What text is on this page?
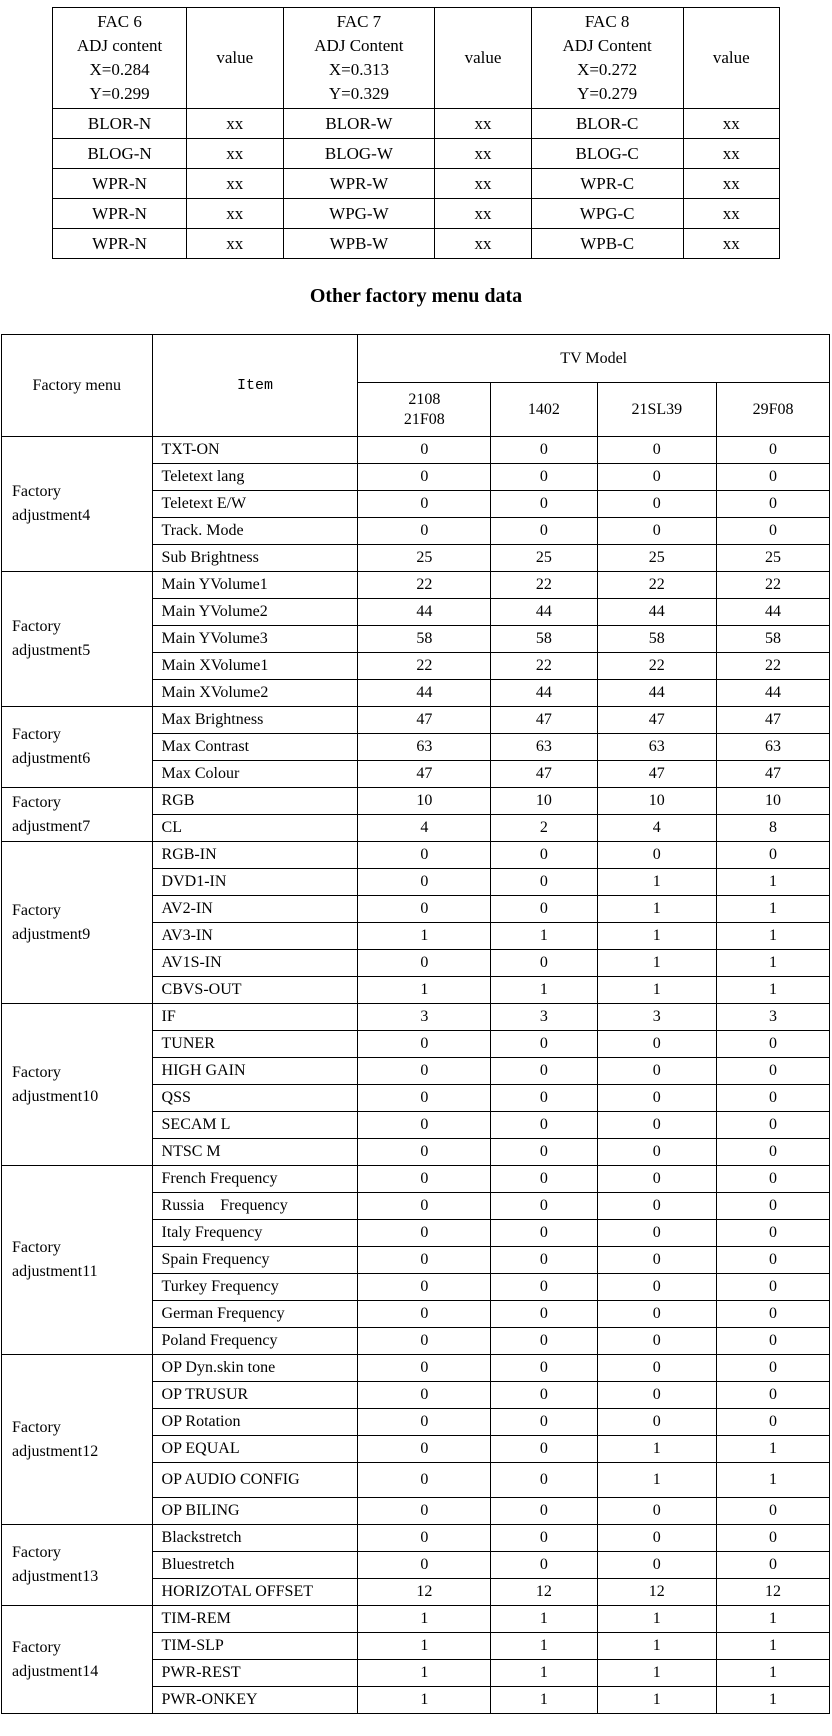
FAC 6
ADJ content
X=0.284
Y=0.299	value	FAC 7
ADJ Content
X=0.313
Y=0.329	value	FAC 8
ADJ Content
X=0.272
Y=0.279	value
BLOR-N	xx	BLOR-W	xx	BLOR-C	xx
BLOG-N	xx	BLOG-W	xx	BLOG-C	xx
WPR-N	xx	WPR-W	xx	WPR-C	xx
WPR-N	xx	WPG-W	xx	WPG-C	xx
WPR-N	xx	WPB-W	xx	WPB-C	xx
Other factory menu data
Factory menu	Item	TV Model			
		2108
21F08	1402	21SL39	29F08
Factory
adjustment4	TXT-ON	0	0	0	0
	Teletext lang	0	0	0	0
	Teletext E/W	0	0	0	0
	Track. Mode	0	0	0	0
	Sub Brightness	25	25	25	25
Factory
adjustment5	Main YVolume1	22	22	22	22
	Main YVolume2	44	44	44	44
	Main YVolume3	58	58	58	58
	Main XVolume1	22	22	22	22
	Main XVolume2	44	44	44	44
Factory
adjustment6	Max Brightness	47	47	47	47
	Max Contrast	63	63	63	63
	Max Colour	47	47	47	47
Factory
adjustment7	RGB	10	10	10	10
	CL	4	2	4	8
Factory
adjustment9	RGB-IN	0	0	0	0
	DVD1-IN	0	0	1	1
	AV2-IN	0	0	1	1
	AV3-IN	1	1	1	1
	AV1S-IN	0	0	1	1
	CBVS-OUT	1	1	1	1
Factory
adjustment10	IF	3	3	3	3
	TUNER	0	0	0	0
	HIGH GAIN	0	0	0	0
	QSS	0	0	0	0
	SECAM L	0	0	0	0
	NTSC M	0	0	0	0
Factory
adjustment11	French Frequency	0	0	0	0
	Russia    Frequency	0	0	0	0
	Italy Frequency	0	0	0	0
	Spain Frequency	0	0	0	0
	Turkey Frequency	0	0	0	0
	German Frequency	0	0	0	0
	Poland Frequency	0	0	0	0
Factory
adjustment12	OP Dyn.skin tone	0	0	0	0
	OP TRUSUR	0	0	0	0
	OP Rotation	0	0	0	0
	OP EQUAL	0	0	1	1
	OP AUDIO CONFIG	0	0	1	1
	OP BILING	0	0	0	0
Factory
adjustment13	Blackstretch	0	0	0	0
	Bluestretch	0	0	0	0
	HORIZOTAL OFFSET	12	12	12	12
Factory
adjustment14	TIM-REM	1	1	1	1
	TIM-SLP	1	1	1	1
	PWR-REST	1	1	1	1
	PWR-ONKEY	1	1	1	1
